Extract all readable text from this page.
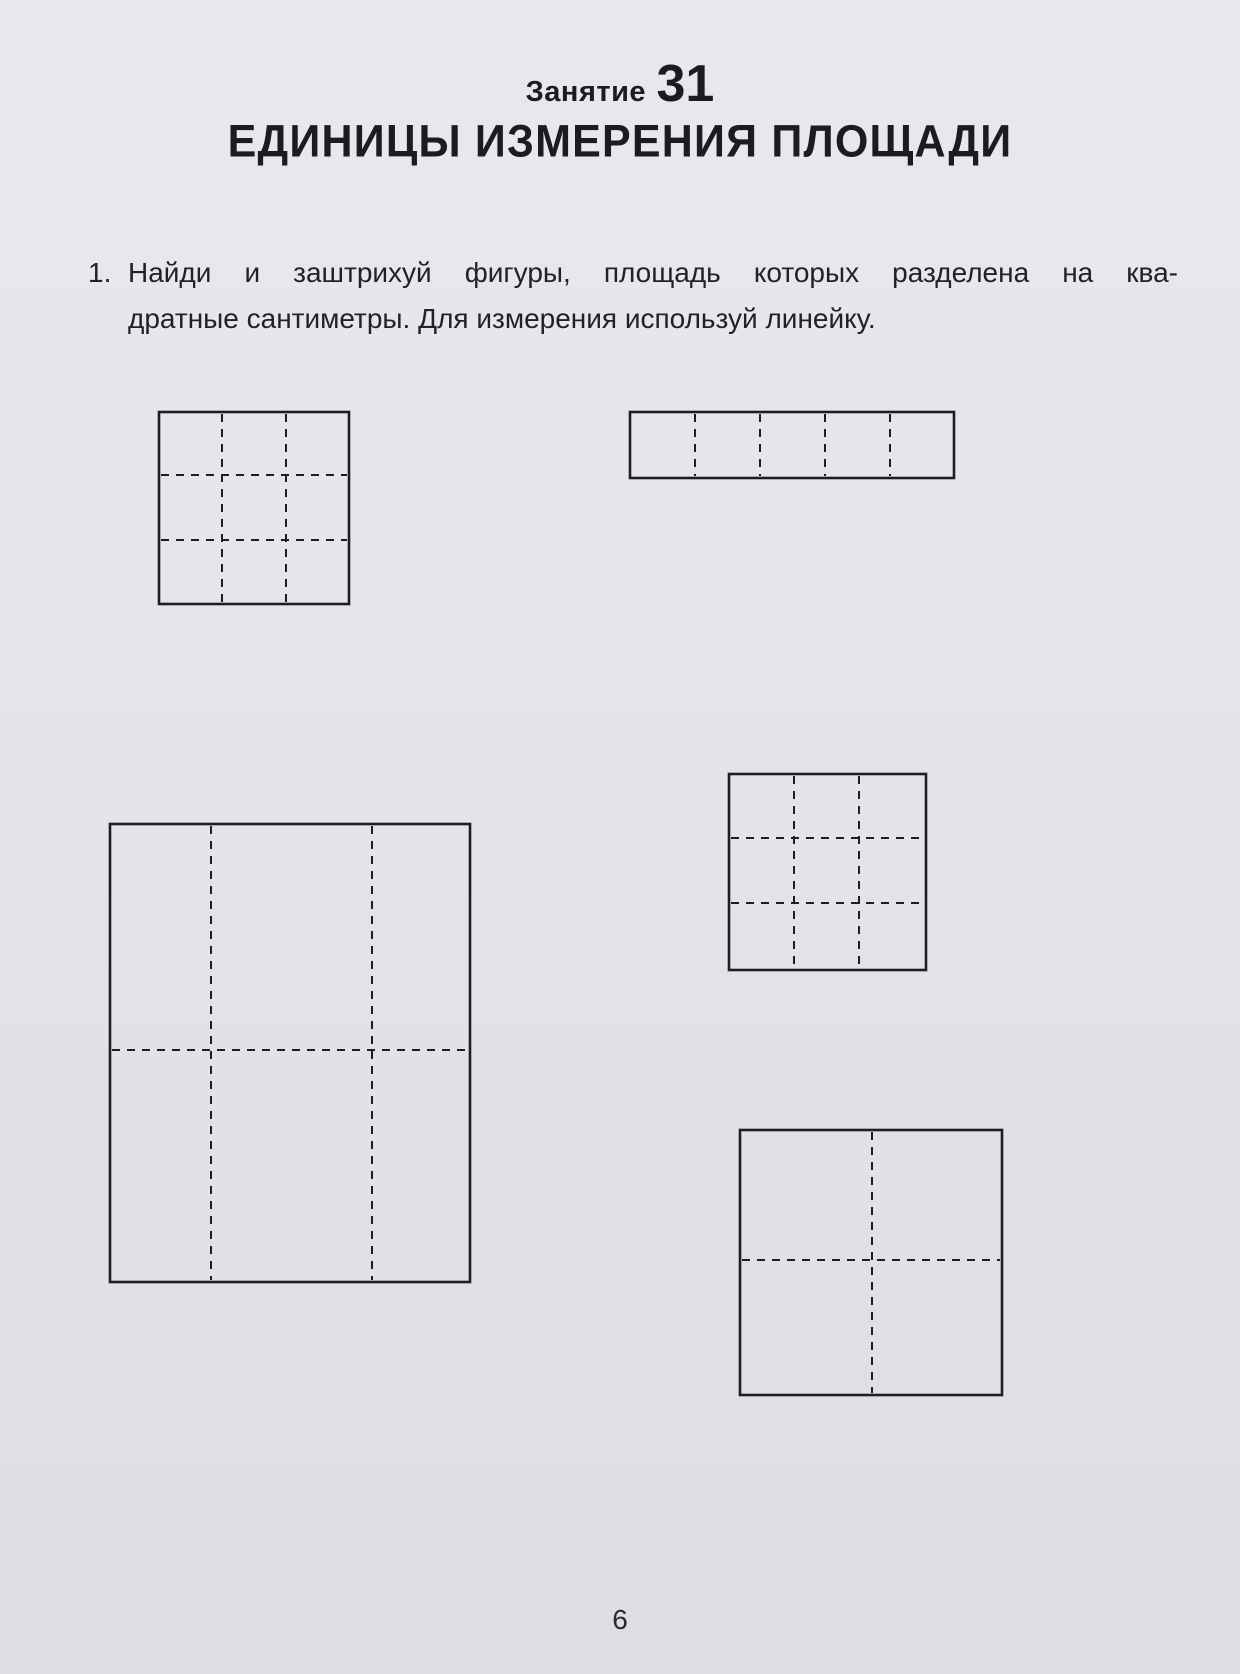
Занятие 31
ЕДИНИЦЫ ИЗМЕРЕНИЯ ПЛОЩАДИ
1. Найди и заштрихуй фигуры, площадь которых разделена на ква-
дратные сантиметры. Для измерения используй линейку.
6
